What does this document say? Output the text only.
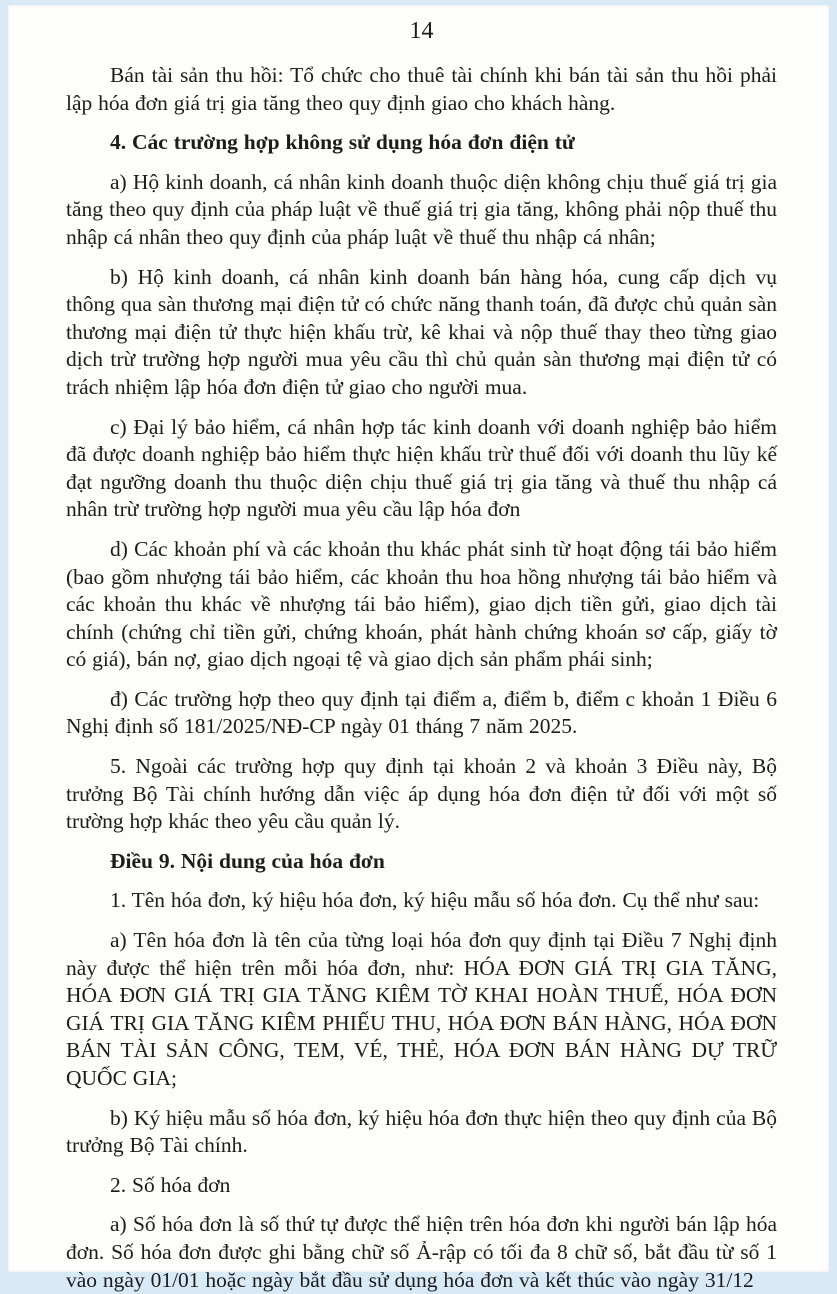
14

Bán tài sản thu hồi: Tổ chức cho thuê tài chính khi bán tài sản thu hồi phải lập hóa đơn giá trị gia tăng theo quy định giao cho khách hàng.

4. Các trường hợp không sử dụng hóa đơn điện tử

a) Hộ kinh doanh, cá nhân kinh doanh thuộc diện không chịu thuế giá trị gia tăng theo quy định của pháp luật về thuế giá trị gia tăng, không phải nộp thuế thu nhập cá nhân theo quy định của pháp luật về thuế thu nhập cá nhân;

b) Hộ kinh doanh, cá nhân kinh doanh bán hàng hóa, cung cấp dịch vụ thông qua sàn thương mại điện tử có chức năng thanh toán, đã được chủ quản sàn thương mại điện tử thực hiện khấu trừ, kê khai và nộp thuế thay theo từng giao dịch trừ trường hợp người mua yêu cầu thì chủ quản sàn thương mại điện tử có trách nhiệm lập hóa đơn điện tử giao cho người mua.

c) Đại lý bảo hiểm, cá nhân hợp tác kinh doanh với doanh nghiệp bảo hiểm đã được doanh nghiệp bảo hiểm thực hiện khấu trừ thuế đối với doanh thu lũy kế đạt ngưỡng doanh thu thuộc diện chịu thuế giá trị gia tăng và thuế thu nhập cá nhân trừ trường hợp người mua yêu cầu lập hóa đơn

d) Các khoản phí và các khoản thu khác phát sinh từ hoạt động tái bảo hiểm (bao gồm nhượng tái bảo hiểm, các khoản thu hoa hồng nhượng tái bảo hiểm và các khoản thu khác về nhượng tái bảo hiểm), giao dịch tiền gửi, giao dịch tài chính (chứng chỉ tiền gửi, chứng khoán, phát hành chứng khoán sơ cấp, giấy tờ có giá), bán nợ, giao dịch ngoại tệ và giao dịch sản phẩm phái sinh;

đ) Các trường hợp theo quy định tại điểm a, điểm b, điểm c khoản 1 Điều 6 Nghị định số 181/2025/NĐ-CP ngày 01 tháng 7 năm 2025.

5. Ngoài các trường hợp quy định tại khoản 2 và khoản 3 Điều này, Bộ trưởng Bộ Tài chính hướng dẫn việc áp dụng hóa đơn điện tử đối với một số trường hợp khác theo yêu cầu quản lý.

Điều 9. Nội dung của hóa đơn

1. Tên hóa đơn, ký hiệu hóa đơn, ký hiệu mẫu số hóa đơn. Cụ thể như sau:

a) Tên hóa đơn là tên của từng loại hóa đơn quy định tại Điều 7 Nghị định này được thể hiện trên mỗi hóa đơn, như: HÓA ĐƠN GIÁ TRỊ GIA TĂNG, HÓA ĐƠN GIÁ TRỊ GIA TĂNG KIÊM TỜ KHAI HOÀN THUẾ, HÓA ĐƠN GIÁ TRỊ GIA TĂNG KIÊM PHIẾU THU, HÓA ĐƠN BÁN HÀNG, HÓA ĐƠN BÁN TÀI SẢN CÔNG, TEM, VÉ, THẺ, HÓA ĐƠN BÁN HÀNG DỰ TRỮ QUỐC GIA;

b) Ký hiệu mẫu số hóa đơn, ký hiệu hóa đơn thực hiện theo quy định của Bộ trưởng Bộ Tài chính.

2. Số hóa đơn

a) Số hóa đơn là số thứ tự được thể hiện trên hóa đơn khi người bán lập hóa đơn. Số hóa đơn được ghi bằng chữ số Ả-rập có tối đa 8 chữ số, bắt đầu từ số 1 vào ngày 01/01 hoặc ngày bắt đầu sử dụng hóa đơn và kết thúc vào ngày 31/12
